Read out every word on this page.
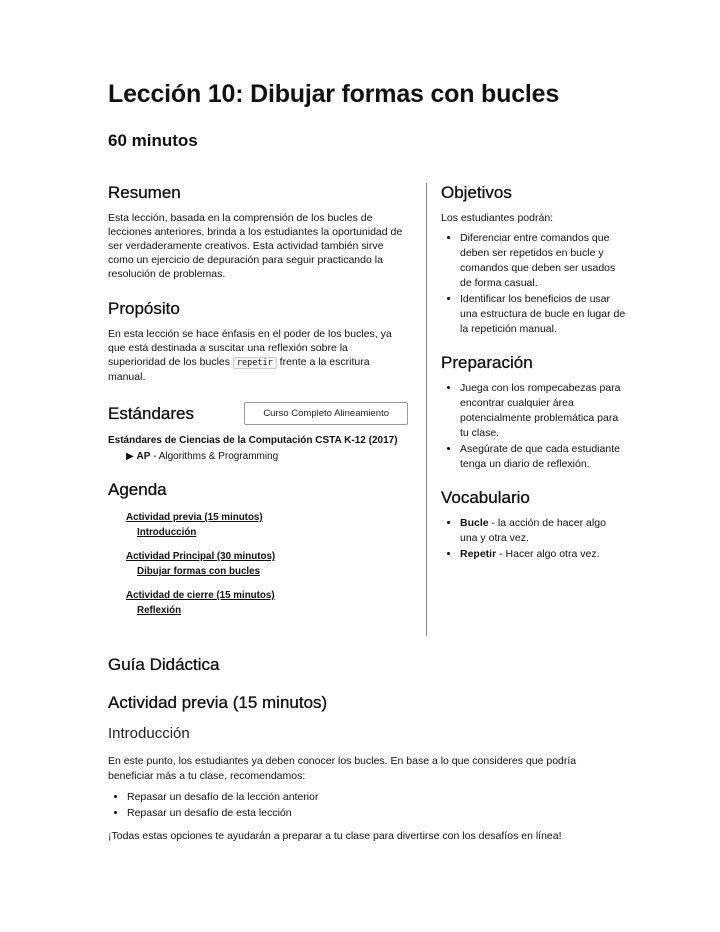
Lección 10: Dibujar formas con bucles
60 minutos
Resumen

Esta lección, basada en la comprensión de los bucles de lecciones anteriores, brinda a los estudiantes la oportunidad de ser verdaderamente creativos. Esta actividad también sirve como un ejercicio de depuración para seguir practicando la resolución de problemas.

Propósito

En esta lección se hace énfasis en el poder de los bucles, ya que está destinada a suscitar una reflexión sobre la superioridad de los bucles repetir frente a la escritura manual.

Estándares	Curso Completo Alineamiento
Estándares de Ciencias de la Computación CSTA K-12 (2017)
▶ AP - Algorithms & Programming
Agenda
Actividad previa (15 minutos)
Introducción
Actividad Principal (30 minutos)
Dibujar formas con bucles
Actividad de cierre (15 minutos)
Reflexión
Objetivos

Los estudiantes podrán:

• Diferenciar entre comandos que deben ser repetidos en bucle y comandos que deben ser usados de forma casual.
• Identificar los beneficios de usar una estructura de bucle en lugar de la repetición manual.
Preparación
• Juega con los rompecabezas para encontrar cualquier área potencialmente problemática para tu clase.
• Asegúrate de que cada estudiante tenga un diario de reflexión.
Vocabulario
• Bucle - la acción de hacer algo una y otra vez.
• Repetir - Hacer algo otra vez.
Guía Didáctica
Actividad previa (15 minutos)
Introducción

En este punto, los estudiantes ya deben conocer los bucles. En base a lo que consideres que podría beneficiar más a tu clase, recomendamos:

• Repasar un desafío de la lección anterior
• Repasar un desafío de esta lección

¡Todas estas opciones te ayudarán a preparar a tu clase para divertirse con los desafíos en línea!
